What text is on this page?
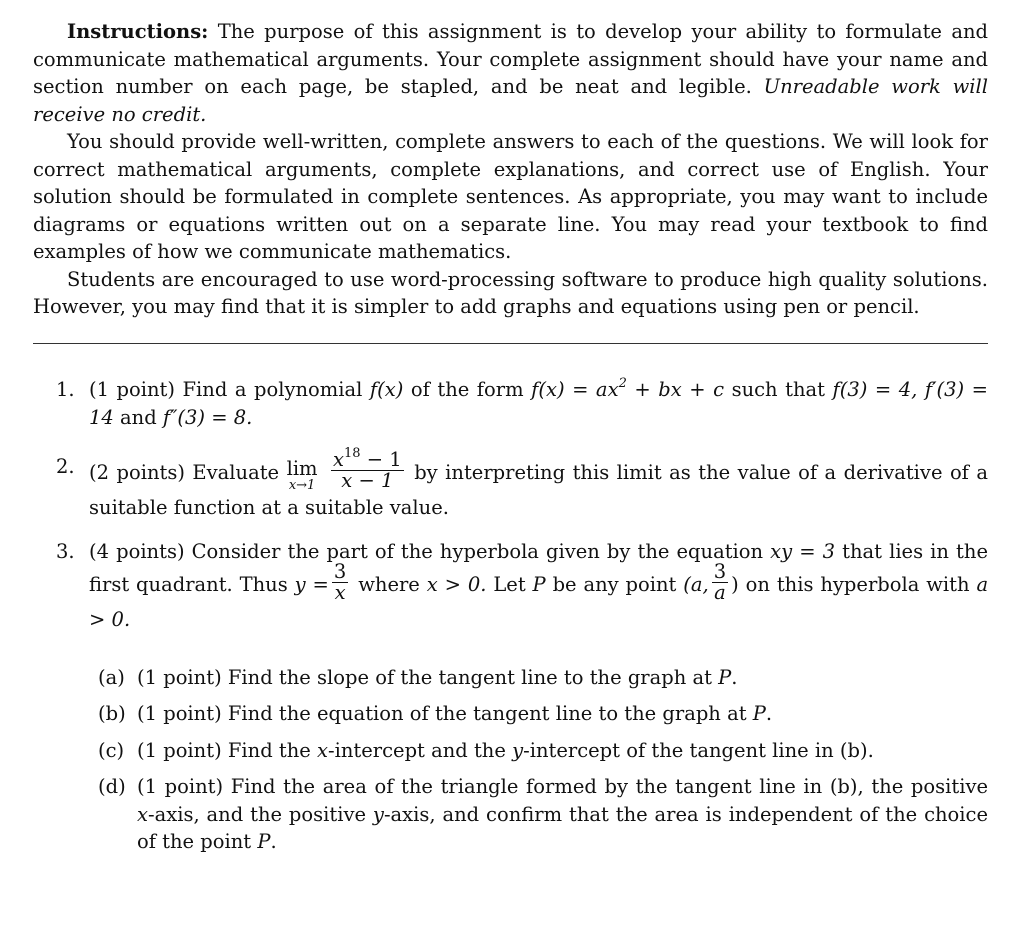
Instructions: The purpose of this assignment is to develop your ability to formulate and communicate mathematical arguments. Your complete assignment should have your name and section number on each page, be stapled, and be neat and legible. Unreadable work will receive no credit.

You should provide well-written, complete answers to each of the questions. We will look for correct mathematical arguments, complete explanations, and correct use of English. Your solution should be formulated in complete sentences. As appropriate, you may want to include diagrams or equations written out on a separate line. You may read your textbook to find examples of how we communicate mathematics.

Students are encouraged to use word-processing software to produce high quality solutions. However, you may find that it is simpler to add graphs and equations using pen or pencil.

1. (1 point) Find a polynomial f(x) of the form $f(x) = ax^2$ + bx + c such that f(3) = 4, f′(3) = 14 and f″(3) = 8.
2. (2 points) Evaluate lim
x→1
$\frac{x^{18} - 1}{x - 1}$ by interpreting this limit as the value of a derivative of a suitable function at a suitable value.
3. (4 points) Consider the part of the hyperbola given by the equation xy = 3 that lies in the first quadrant. Thus $y = \frac{3}{x}$ where x > 0. Let P be any point (a, $\frac{3}{a}$ ) on this hyperbola with a > 0.
(a) (1 point) Find the slope of the tangent line to the graph at P.
(b) (1 point) Find the equation of the tangent line to the graph at P.
(c) (1 point) Find the x-intercept and the y-intercept of the tangent line in (b).
(d) (1 point) Find the area of the triangle formed by the tangent line in (b), the positive x-axis, and the positive y-axis, and confirm that the area is independent of the choice of the point P.
